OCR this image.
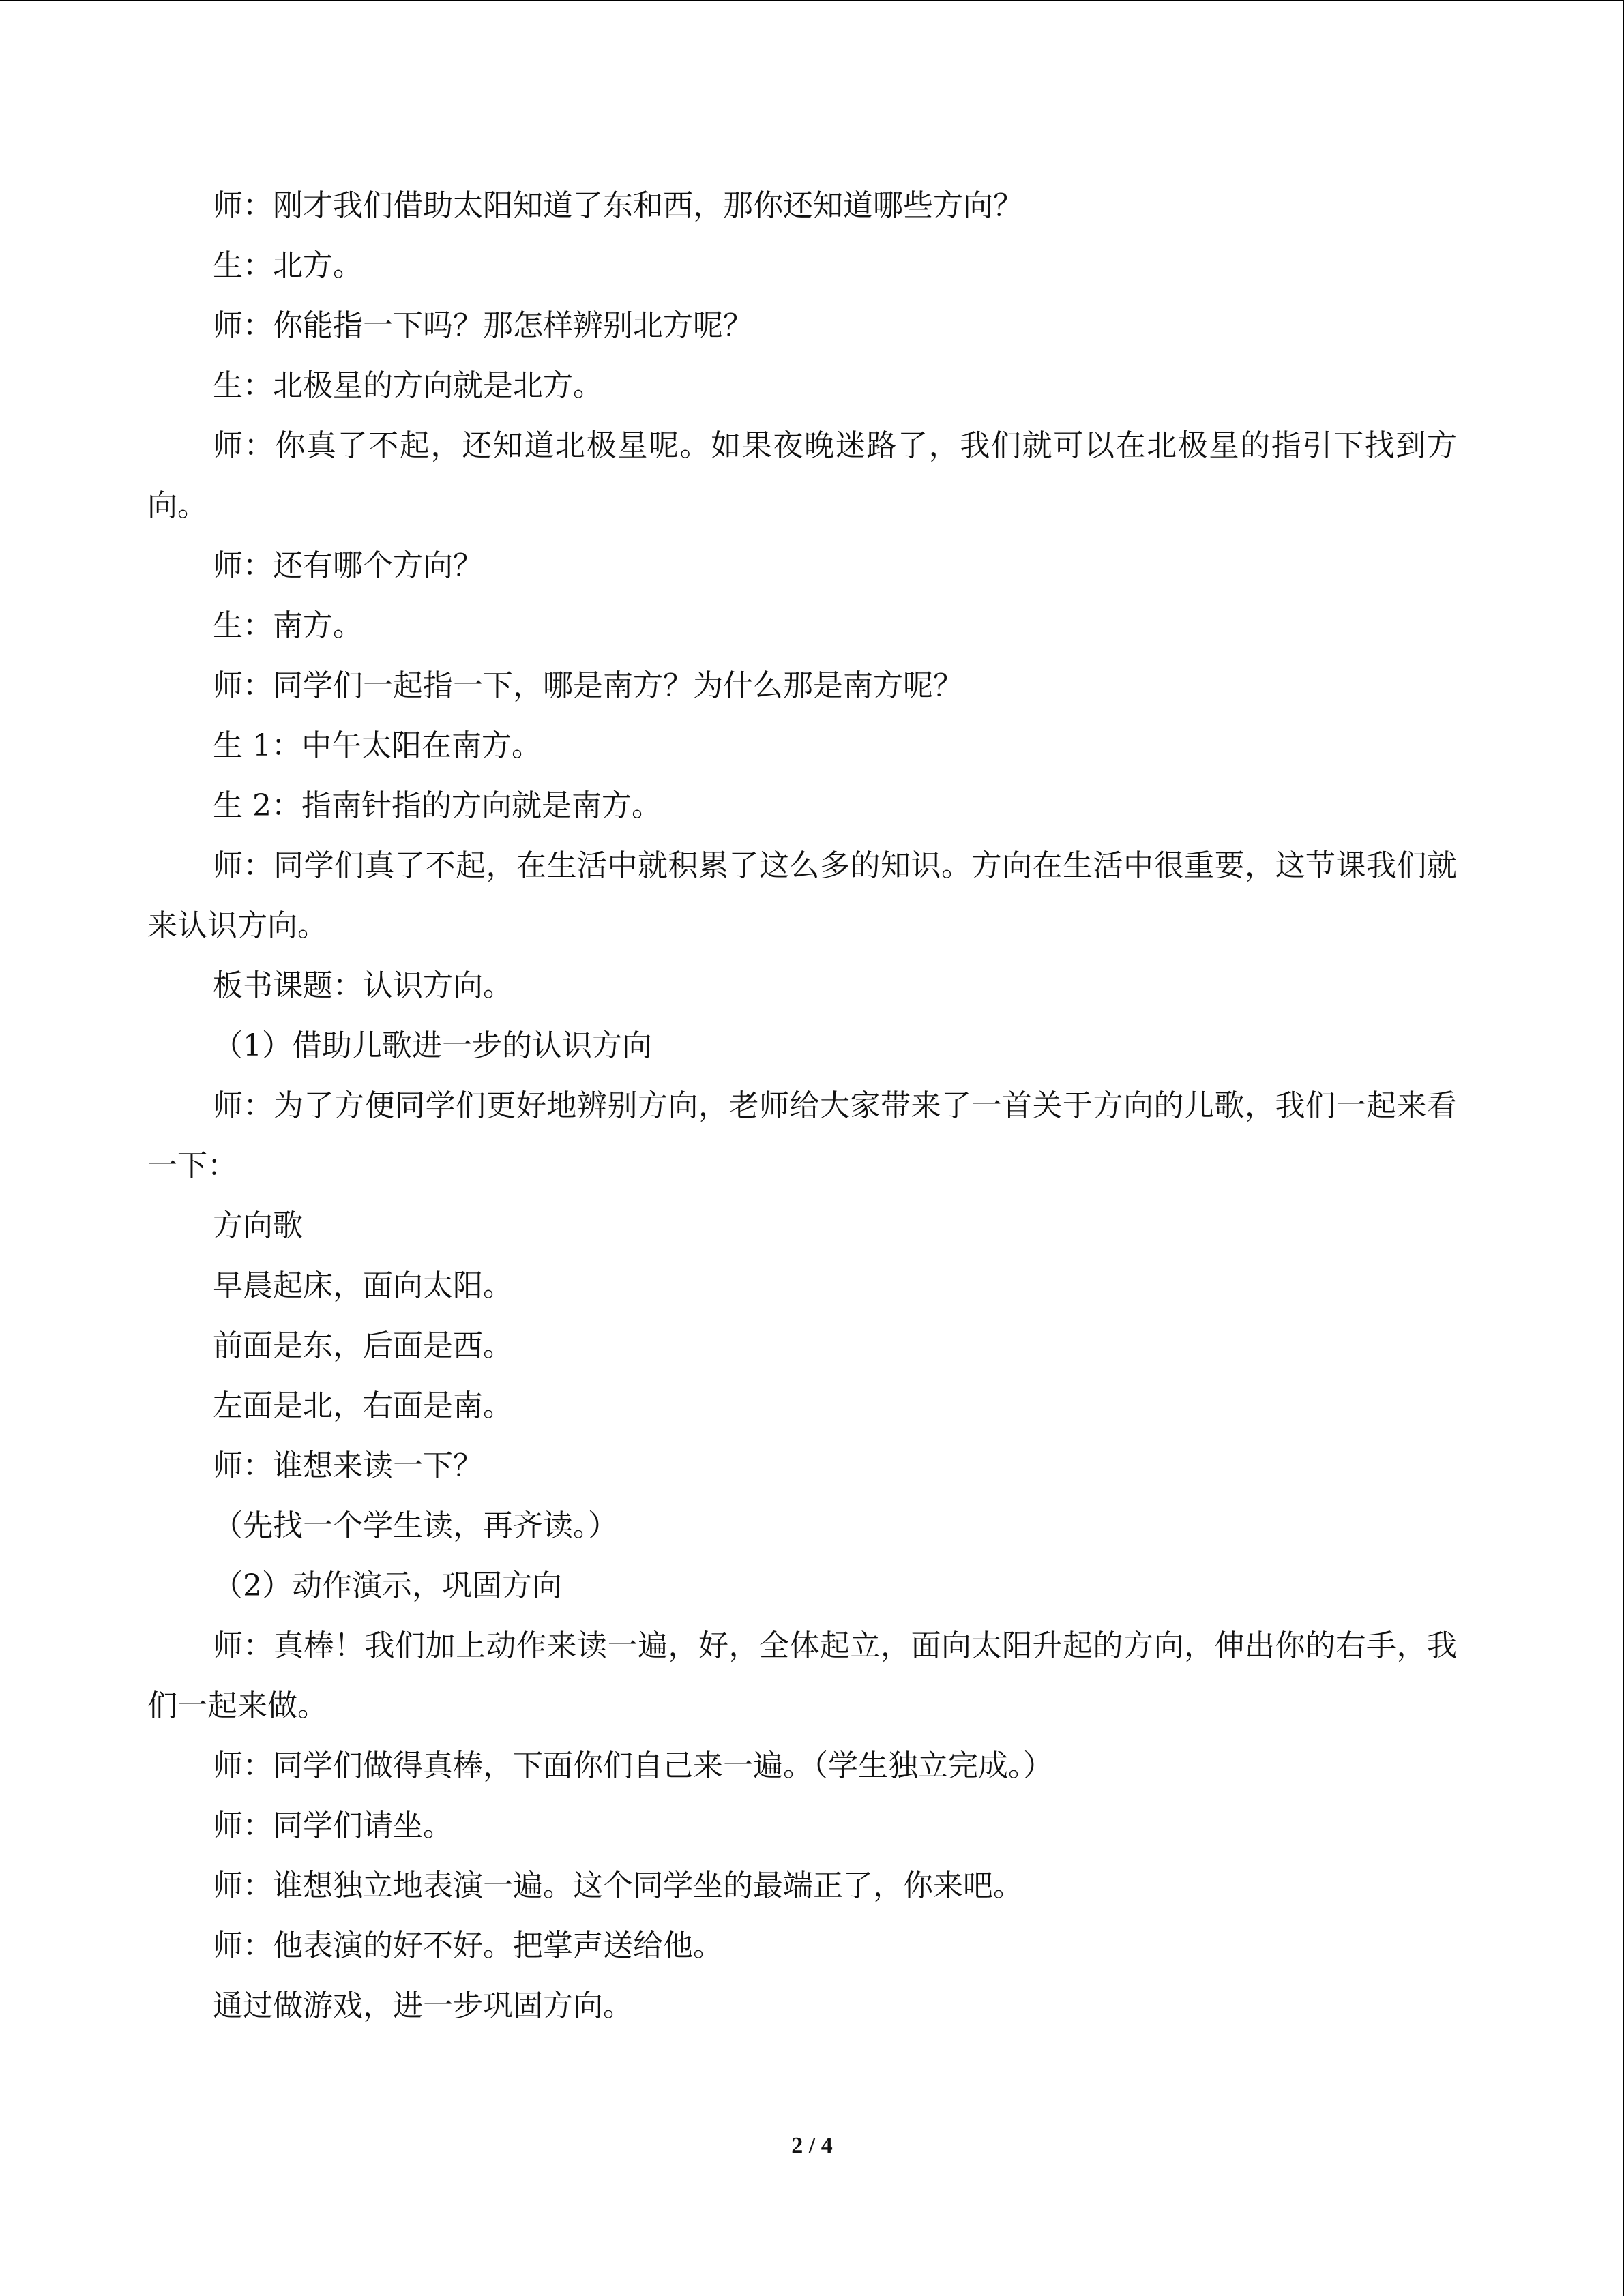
师：刚才我们借助太阳知道了东和西，那你还知道哪些方向？

生：北方。

师：你能指一下吗？那怎样辨别北方呢？

生：北极星的方向就是北方。

师：你真了不起，还知道北极星呢。如果夜晚迷路了，我们就可以在北极星的指引下找到方向。

师：还有哪个方向？

生：南方。

师：同学们一起指一下，哪是南方？为什么那是南方呢？

生 1：中午太阳在南方。

生 2：指南针指的方向就是南方。

师：同学们真了不起，在生活中就积累了这么多的知识。方向在生活中很重要，这节课我们就来认识方向。

板书课题：认识方向。

（1）借助儿歌进一步的认识方向

师：为了方便同学们更好地辨别方向，老师给大家带来了一首关于方向的儿歌，我们一起来看一下：

方向歌

早晨起床，面向太阳。

前面是东，后面是西。

左面是北，右面是南。

师：谁想来读一下？

（先找一个学生读，再齐读。）

（2）动作演示，巩固方向

师：真棒！我们加上动作来读一遍，好，全体起立，面向太阳升起的方向，伸出你的右手，我们一起来做。

师：同学们做得真棒，下面你们自己来一遍。（学生独立完成。）

师：同学们请坐。

师：谁想独立地表演一遍。这个同学坐的最端正了，你来吧。

师：他表演的好不好。把掌声送给他。

通过做游戏，进一步巩固方向。

2 / 4
